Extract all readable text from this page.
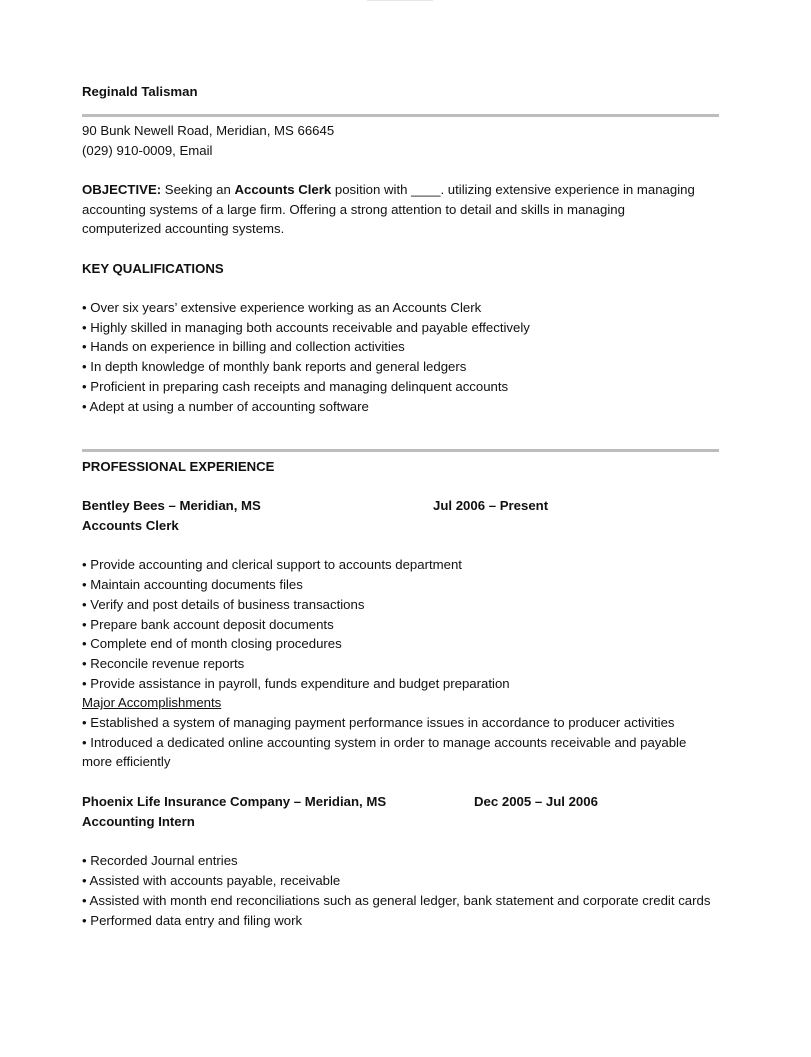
Reginald Talisman
90 Bunk Newell Road, Meridian, MS 66645
(029) 910-0009, Email
OBJECTIVE: Seeking an Accounts Clerk position with ____. utilizing extensive experience in managing
accounting systems of a large firm. Offering a strong attention to detail and skills in managing
computerized accounting systems.
KEY QUALIFICATIONS
• Over six years’ extensive experience working as an Accounts Clerk
• Highly skilled in managing both accounts receivable and payable effectively
• Hands on experience in billing and collection activities
• In depth knowledge of monthly bank reports and general ledgers
• Proficient in preparing cash receipts and managing delinquent accounts
• Adept at using a number of accounting software
PROFESSIONAL EXPERIENCE
Bentley Bees – Meridian, MS	Jul 2006 – Present
Accounts Clerk
• Provide accounting and clerical support to accounts department
• Maintain accounting documents files
• Verify and post details of business transactions
• Prepare bank account deposit documents
• Complete end of month closing procedures
• Reconcile revenue reports
• Provide assistance in payroll, funds expenditure and budget preparation
Major Accomplishments
• Established a system of managing payment performance issues in accordance to producer activities
• Introduced a dedicated online accounting system in order to manage accounts receivable and payable more efficiently
Phoenix Life Insurance Company – Meridian, MS	Dec 2005 – Jul 2006
Accounting Intern
• Recorded Journal entries
• Assisted with accounts payable, receivable
• Assisted with month end reconciliations such as general ledger, bank statement and corporate credit cards
• Performed data entry and filing work
